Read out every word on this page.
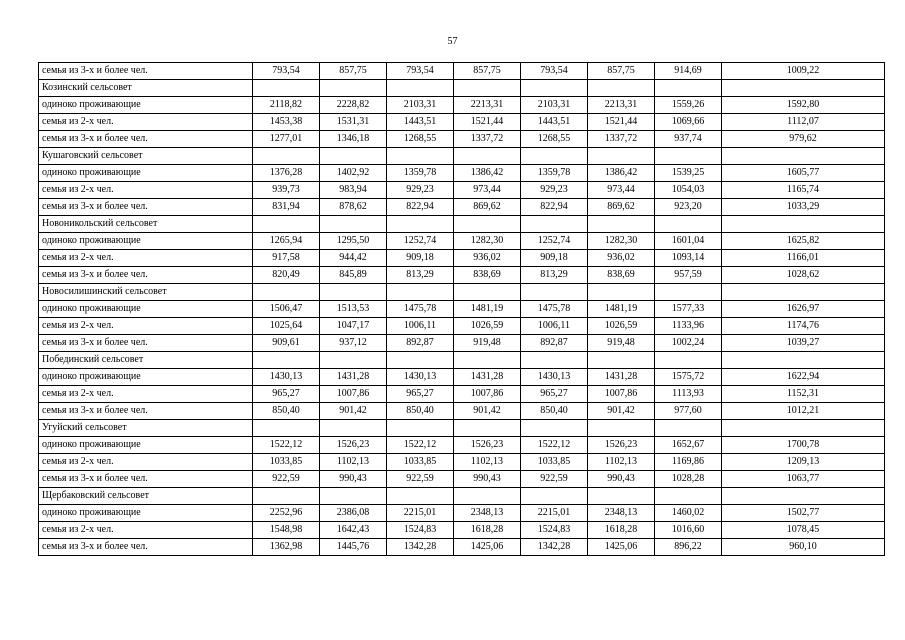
57
семья из 3-х и более чел.	793,54	857,75	793,54	857,75	793,54	857,75	914,69	1009,22
Козинский сельсовет								
одиноко проживающие	2118,82	2228,82	2103,31	2213,31	2103,31	2213,31	1559,26	1592,80
семья из 2-х чел.	1453,38	1531,31	1443,51	1521,44	1443,51	1521,44	1069,66	1112,07
семья из 3-х и более чел.	1277,01	1346,18	1268,55	1337,72	1268,55	1337,72	937,74	979,62
Кушаговский сельсовет								
одиноко проживающие	1376,28	1402,92	1359,78	1386,42	1359,78	1386,42	1539,25	1605,77
семья из 2-х чел.	939,73	983,94	929,23	973,44	929,23	973,44	1054,03	1165,74
семья из 3-х и более чел.	831,94	878,62	822,94	869,62	822,94	869,62	923,20	1033,29
Новоникольский сельсовет								
одиноко проживающие	1265,94	1295,50	1252,74	1282,30	1252,74	1282,30	1601,04	1625,82
семья из 2-х чел.	917,58	944,42	909,18	936,02	909,18	936,02	1093,14	1166,01
семья из 3-х и более чел.	820,49	845,89	813,29	838,69	813,29	838,69	957,59	1028,62
Новосилишинский сельсовет								
одиноко проживающие	1506,47	1513,53	1475,78	1481,19	1475,78	1481,19	1577,33	1626,97
семья из 2-х чел.	1025,64	1047,17	1006,11	1026,59	1006,11	1026,59	1133,96	1174,76
семья из 3-х и более чел.	909,61	937,12	892,87	919,48	892,87	919,48	1002,24	1039,27
Побединский сельсовет								
одиноко проживающие	1430,13	1431,28	1430,13	1431,28	1430,13	1431,28	1575,72	1622,94
семья из 2-х чел.	965,27	1007,86	965,27	1007,86	965,27	1007,86	1113,93	1152,31
семья из 3-х и более чел.	850,40	901,42	850,40	901,42	850,40	901,42	977,60	1012,21
Угуйский сельсовет								
одиноко проживающие	1522,12	1526,23	1522,12	1526,23	1522,12	1526,23	1652,67	1700,78
семья из 2-х чел.	1033,85	1102,13	1033,85	1102,13	1033,85	1102,13	1169,86	1209,13
семья из 3-х и более чел.	922,59	990,43	922,59	990,43	922,59	990,43	1028,28	1063,77
Щербаковский сельсовет								
одиноко проживающие	2252,96	2386,08	2215,01	2348,13	2215,01	2348,13	1460,02	1502,77
семья из 2-х чел.	1548,98	1642,43	1524,83	1618,28	1524,83	1618,28	1016,60	1078,45
семья из 3-х и более чел.	1362,98	1445,76	1342,28	1425,06	1342,28	1425,06	896,22	960,10
